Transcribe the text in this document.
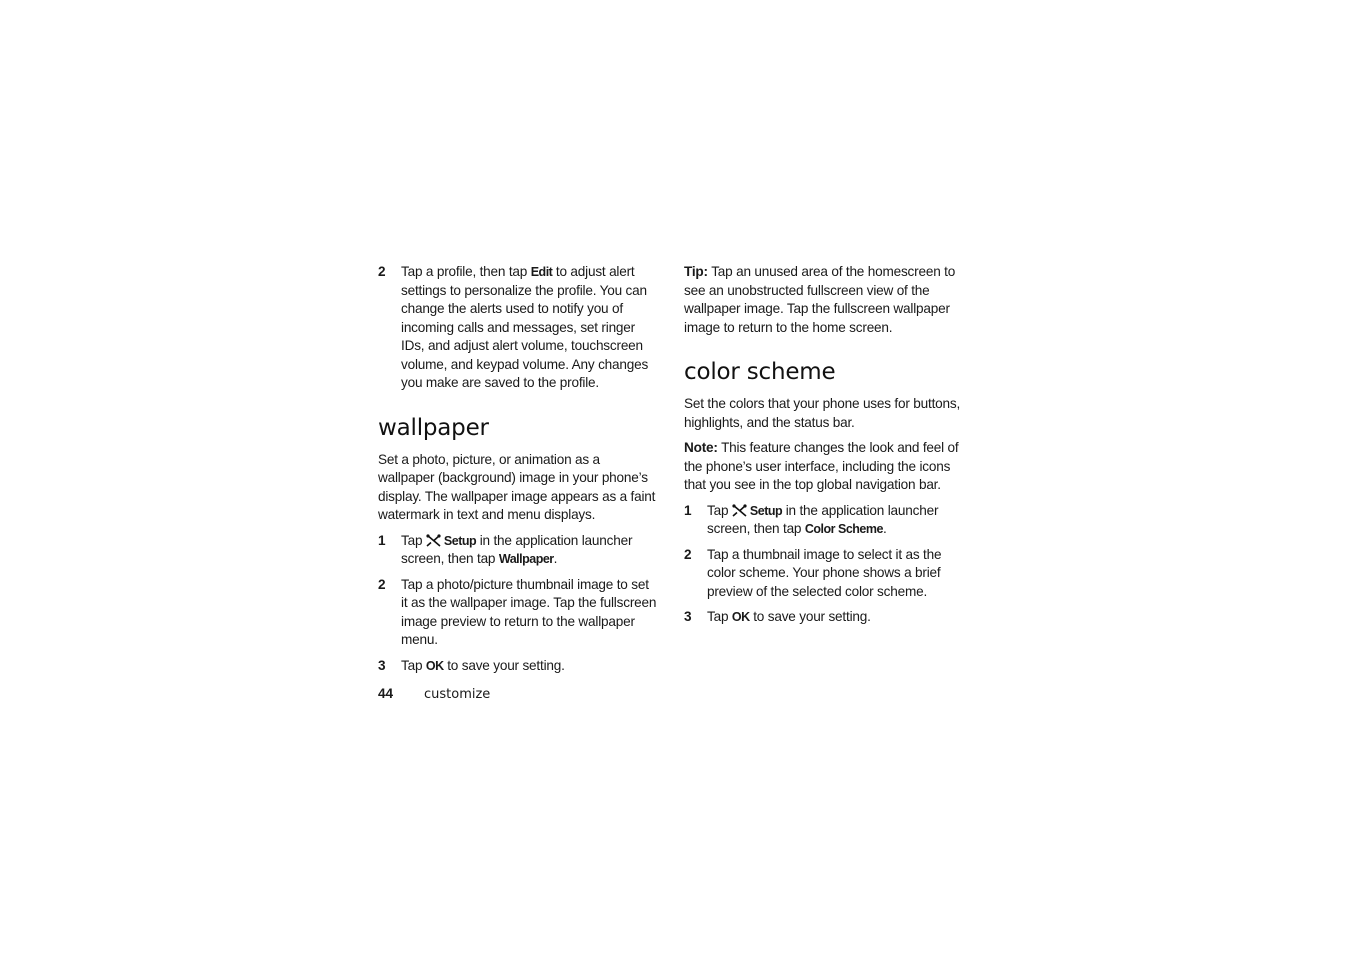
2	Tap a profile, then tap Edit to adjust alert settings to personalize the profile. You can change the alerts used to notify you of incoming calls and messages, set ringer IDs, and adjust alert volume, touchscreen volume, and keypad volume. Any changes you make are saved to the profile.
wallpaper

Set a photo, picture, or animation as a wallpaper (background) image in your phone’s display. The wallpaper image appears as a faint watermark in text and menu displays.

1	Tap Setup in the application launcher screen, then tap Wallpaper.
2	Tap a photo/picture thumbnail image to set it as the wallpaper image. Tap the fullscreen image preview to return to the wallpaper menu.
3	Tap OK to save your setting.

Tip: Tap an unused area of the homescreen to see an unobstructed fullscreen view of the wallpaper image. Tap the fullscreen wallpaper image to return to the home screen.

color scheme

Set the colors that your phone uses for buttons, highlights, and the status bar.

Note: This feature changes the look and feel of the phone’s user interface, including the icons that you see in the top global navigation bar.

1	Tap Setup in the application launcher screen, then tap Color Scheme.
2	Tap a thumbnail image to select it as the color scheme. Your phone shows a brief preview of the selected color scheme.
3	Tap OK to save your setting.
44 customize
